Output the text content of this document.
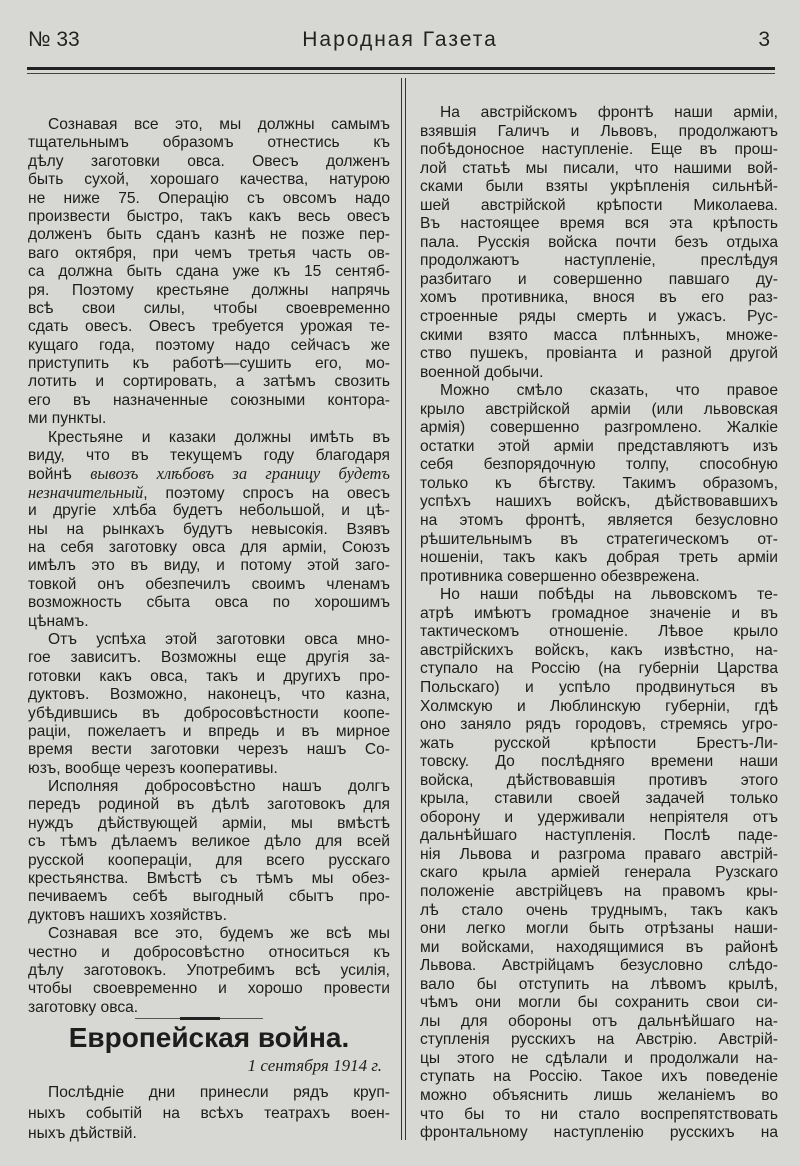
№ 33	Народная Газета	3
Сознавая все это, мы должны самымъ
тщательнымъ образомъ отнестись къ
дѣлу заготовки овса. Овесъ долженъ
быть сухой, хорошаго качества, натурою
не ниже 75. Операцію съ овсомъ надо
произвести быстро, такъ какъ весь овесъ
долженъ быть сданъ казнѣ не позже пер-
ваго октября, при чемъ третья часть ов-
са должна быть сдана уже къ 15 сентяб-
ря. Поэтому крестьяне должны напрячь
всѣ свои силы, чтобы своевременно
сдать овесъ. Овесъ требуется урожая те-
кущаго года, поэтому надо сейчасъ же
приступить къ работѣ—сушить его, мо-
лотить и сортировать, а затѣмъ свозить
его въ назначенные союзными контора-
ми пункты.
Крестьяне и казаки должны имѣть въ
виду, что въ текущемъ году благодаря
войнѣ вывозъ хлѣбовъ за границу будетъ
незначительный, поэтому спросъ на овесъ
и другіе хлѣба будетъ небольшой, и цѣ-
ны на рынкахъ будутъ невысокія. Взявъ
на себя заготовку овса для арміи, Союзъ
имѣлъ это въ виду, и потому этой заго-
товкой онъ обезпечилъ своимъ членамъ
возможность сбыта овса по хорошимъ
цѣнамъ.
Отъ успѣха этой заготовки овса мно-
гое зависитъ. Возможны еще другія за-
готовки какъ овса, такъ и другихъ про-
дуктовъ. Возможно, наконецъ, что казна,
убѣдившись въ добросовѣстности коопе-
раціи, пожелаетъ и впредь и въ мирное
время вести заготовки черезъ нашъ Со-
юзъ, вообще черезъ кооперативы.
Исполняя добросовѣстно нашъ долгъ
передъ родиной въ дѣлѣ заготовокъ для
нуждъ дѣйствующей арміи, мы вмѣстѣ
съ тѣмъ дѣлаемъ великое дѣло для всей
русской коопераціи, для всего русскаго
крестьянства. Вмѣстѣ съ тѣмъ мы обез-
печиваемъ себѣ выгодный сбытъ про-
дуктовъ нашихъ хозяйствъ.
Сознавая все это, будемъ же всѣ мы
честно и добросовѣстно относиться къ
дѣлу заготовокъ. Употребимъ всѣ усилія,
чтобы своевременно и хорошо провести
заготовку овса.
Европейская война.
1 сентября 1914 г.
Послѣдніе дни принесли рядъ круп-
ныхъ событій на всѣхъ театрахъ воен-
ныхъ дѣйствій.
На австрійскомъ фронтѣ наши арміи,
взявшія Галичъ и Львовъ, продолжаютъ
побѣдоносное наступленіе. Еще въ прош-
лой статьѣ мы писали, что нашими вой-
сками были взяты укрѣпленія сильнѣй-
шей австрійской крѣпости Миколаева.
Въ настоящее время вся эта крѣпость
пала. Русскія войска почти безъ отдыха
продолжаютъ наступленіе, преслѣдуя
разбитаго и совершенно павшаго ду-
хомъ противника, внося въ его раз-
строенные ряды смерть и ужасъ. Рус-
скими взято масса плѣнныхъ, множе-
ство пушекъ, провіанта и разной другой
военной добычи.
Можно смѣло сказать, что правое
крыло австрійской арміи (или львовская
армія) совершенно разгромлено. Жалкіе
остатки этой арміи представляютъ изъ
себя безпорядочную толпу, способную
только къ бѣгству. Такимъ образомъ,
успѣхъ нашихъ войскъ, дѣйствовавшихъ
на этомъ фронтѣ, является безусловно
рѣшительнымъ въ стратегическомъ от-
ношеніи, такъ какъ добрая треть арміи
противника совершенно обезврежена.
Но наши побѣды на львовскомъ те-
атрѣ имѣютъ громадное значеніе и въ
тактическомъ отношеніе. Лѣвое крыло
австрійскихъ войскъ, какъ извѣстно, на-
ступало на Россію (на губерніи Царства
Польскаго) и успѣло продвинуться въ
Холмскую и Люблинскую губерніи, гдѣ
оно заняло рядъ городовъ, стремясь угро-
жать русской крѣпости Брестъ-Ли-
товску. До послѣдняго времени наши
войска, дѣйствовавшія противъ этого
крыла, ставили своей задачей только
оборону и удерживали непріятеля отъ
дальнѣйшаго наступленія. Послѣ паде-
нія Львова и разгрома праваго австрій-
скаго крыла арміей генерала Рузскаго
положеніе австрійцевъ на правомъ кры-
лѣ стало очень труднымъ, такъ какъ
они легко могли быть отрѣзаны наши-
ми войсками, находящимися въ районѣ
Львова. Австрійцамъ безусловно слѣдо-
вало бы отступить на лѣвомъ крылѣ,
чѣмъ они могли бы сохранить свои си-
лы для обороны отъ дальнѣйшаго на-
ступленія русскихъ на Австрію. Австрій-
цы этого не сдѣлали и продолжали на-
ступать на Россію. Такое ихъ поведеніе
можно объяснить лишь желаніемъ во
что бы то ни стало воспрепятствовать
фронтальному наступленію русскихъ на
